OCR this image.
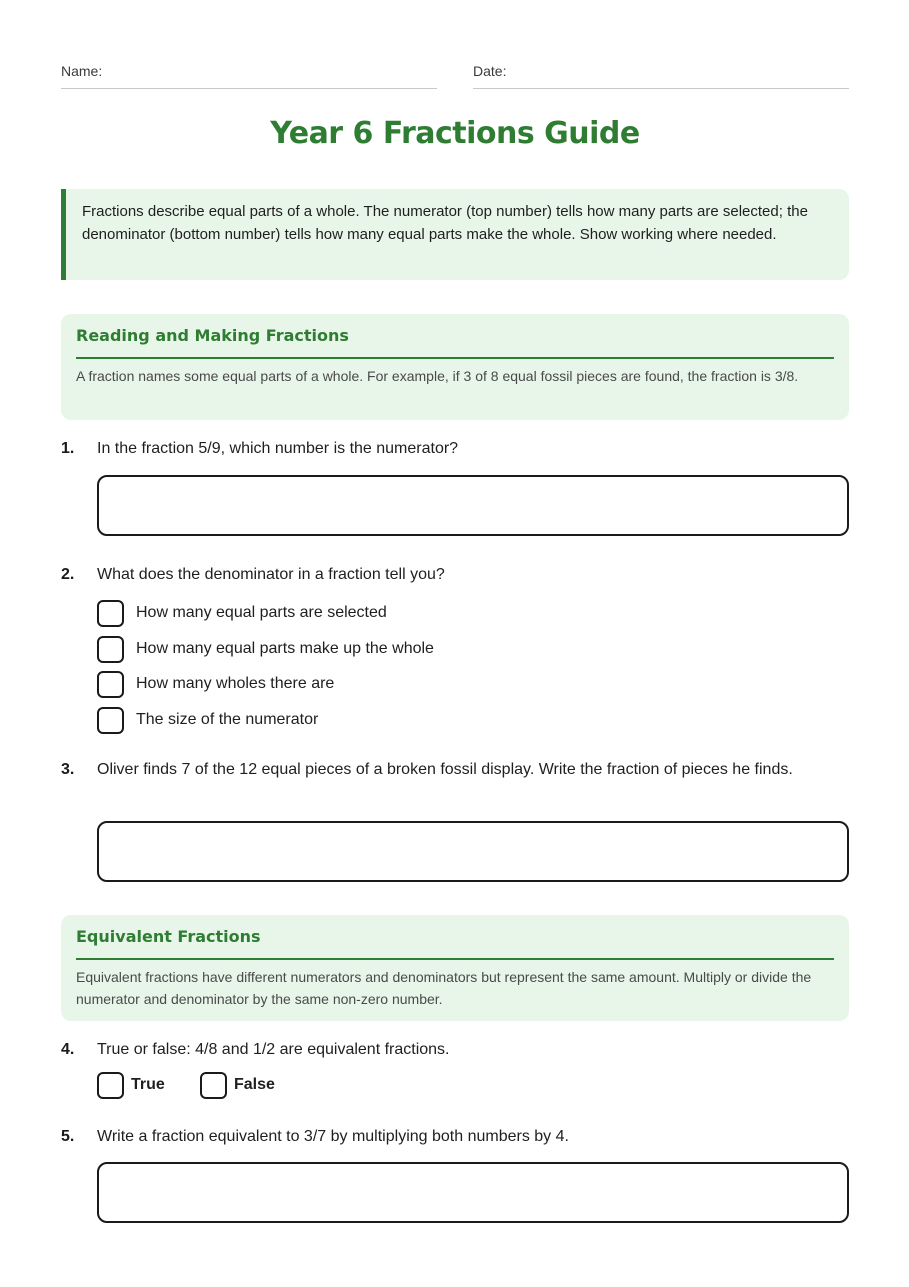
Name:	Date:
Year 6 Fractions Guide

Fractions describe equal parts of a whole. The numerator (top number) tells how many parts are selected; the denominator (bottom number) tells how many equal parts make the whole. Show working where needed.

Reading and Making Fractions

A fraction names some equal parts of a whole. For example, if 3 of 8 equal fossil pieces are found, the fraction is 3/8.

1. In the fraction 5/9, which number is the numerator?
2. What does the denominator in a fraction tell you?
How many equal parts are selected
How many equal parts make up the whole
How many wholes there are
The size of the numerator
3. Oliver finds 7 of the 12 equal pieces of a broken fossil display. Write the fraction of pieces he finds.
Equivalent Fractions

Equivalent fractions have different numerators and denominators but represent the same amount. Multiply or divide the numerator and denominator by the same non-zero number.

4. True or false: 4/8 and 1/2 are equivalent fractions.
True	False
5. Write a fraction equivalent to 3/7 by multiplying both numbers by 4.
